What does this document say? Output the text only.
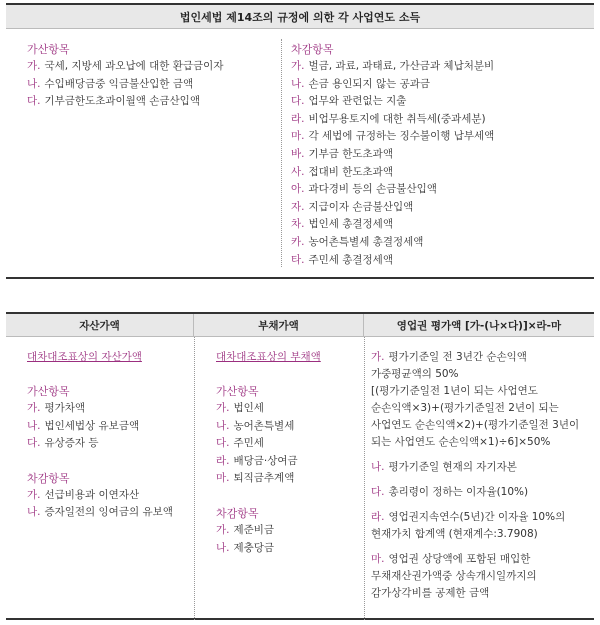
법인세법 제14조의 규정에 의한 각 사업연도 소득
가산항목
가. 국세, 지방세 과오납에 대한 환급금이자
나. 수입배당금중 익금불산입한 금액
다. 기부금한도초과이월액 손금산입액
차감항목
가. 벌금, 과료, 과태료, 가산금과 체납처분비
나. 손금 용인되지 않는 공과금
다. 업무와 관련없는 지출
라. 비업무용토지에 대한 취득세(중과세분)
마. 각 세법에 규정하는 징수불이행 납부세액
바. 기부금 한도초과액
사. 접대비 한도초과액
아. 과다경비 등의 손금불산입액
자. 지급이자 손금불산입액
차. 법인세 총결정세액
카. 농어촌특별세 총결정세액
타. 주민세 총결정세액
자산가액	부채가액	영업권 평가액 [가-(나×다)]×라-마
대차대조표상의 자산가액
가산항목
가. 평가차액
나. 법인세법상 유보금액
다. 유상증자 등
차감항목
가. 선급비용과 이연자산
나. 증자일전의 잉여금의 유보액
대차대조표상의 부채액
가산항목
가. 법인세
나. 농어촌특별세
다. 주민세
라. 배당금·상여금
마. 퇴직금추계액
차감항목
가. 제준비금
나. 제충당금
가. 평가기준일 전 3년간 순손익액
가중평균액의 50%
[(평가기준일전 1년이 되는 사업연도
순손익액×3)+(평가기준일전 2년이 되는
사업연도 순손익액×2)+(평가기준일전 3년이
되는 사업연도 순손익액×1)÷6]×50%
나. 평가기준일 현재의 자기자본
다. 총리령이 정하는 이자율(10%)
라. 영업권지속연수(5년)간 이자율 10%의
현재가치 합계액 (현재계수:3.7908)
마. 영업권 상당액에 포함된 매입한
무채재산권가액중 상속개시일까지의
감가상각비를 공제한 금액
